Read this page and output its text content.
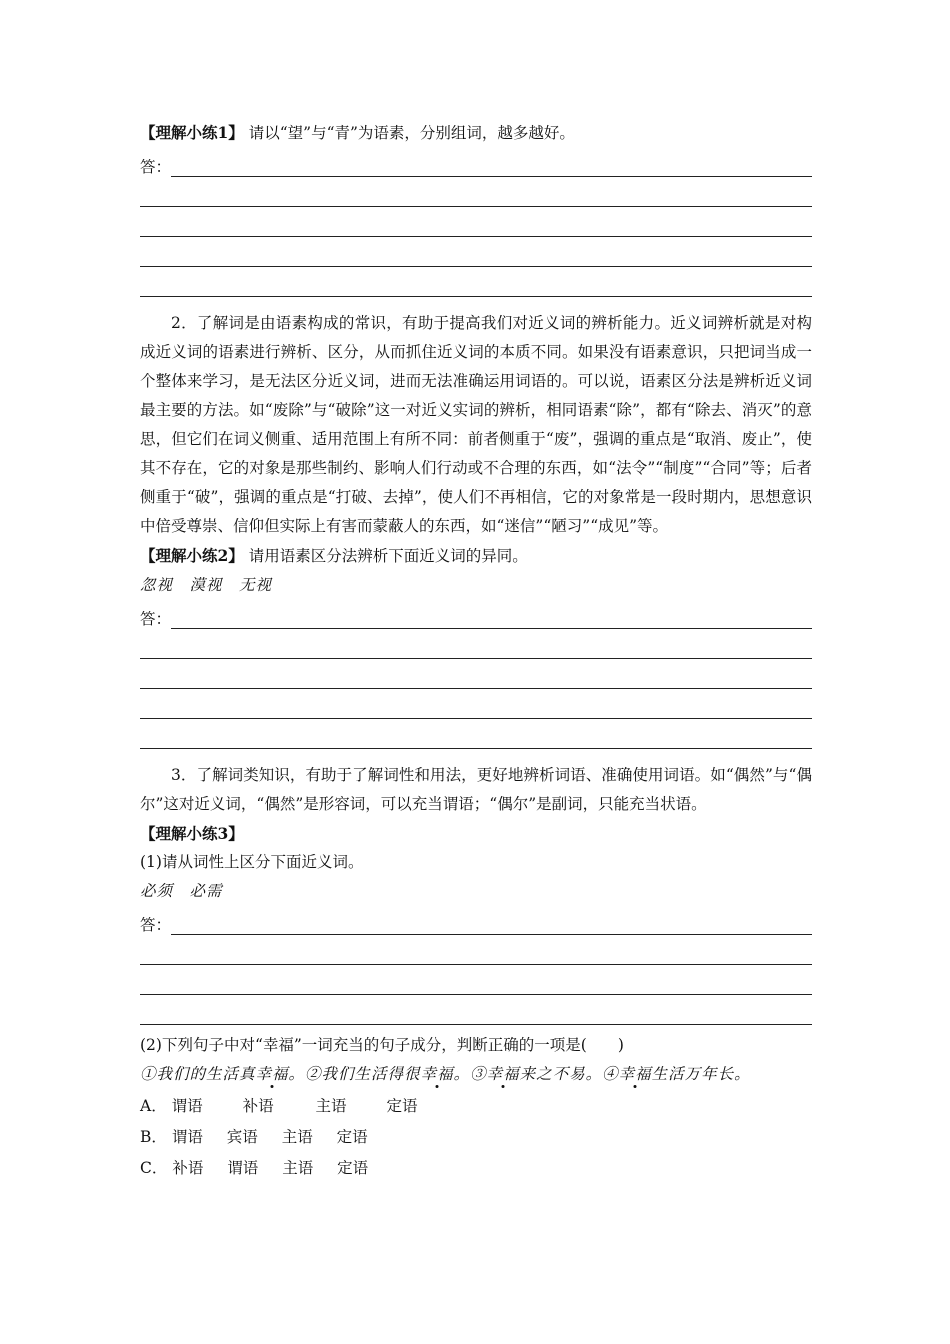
【理解小练1】 请以“望”与“青”为语素，分别组词，越多越好。

答：

2．了解词是由语素构成的常识，有助于提高我们对近义词的辨析能力。近义词辨析就是对构成近义词的语素进行辨析、区分，从而抓住近义词的本质不同。如果没有语素意识，只把词当成一个整体来学习，是无法区分近义词，进而无法准确运用词语的。可以说，语素区分法是辨析近义词最主要的方法。如“废除”与“破除”这一对近义实词的辨析，相同语素“除”，都有“除去、消灭”的意思，但它们在词义侧重、适用范围上有所不同：前者侧重于“废”，强调的重点是“取消、废止”，使其不存在，它的对象是那些制约、影响人们行动或不合理的东西，如“法令”“制度”“合同”等；后者侧重于“破”，强调的重点是“打破、去掉”，使人们不再相信，它的对象常是一段时期内，思想意识中倍受尊崇、信仰但实际上有害而蒙蔽人的东西，如“迷信”“陋习”“成见”等。

【理解小练2】 请用语素区分法辨析下面近义词的异同。

忽视　漠视　无视

答：

3．了解词类知识，有助于了解词性和用法，更好地辨析词语、准确使用词语。如“偶然”与“偶尔”这对近义词，“偶然”是形容词，可以充当谓语；“偶尔”是副词，只能充当状语。

【理解小练3】

(1)请从词性上区分下面近义词。

必须　必需

答：

(2)下列句子中对“幸福”一词充当的句子成分，判断正确的一项是(　　)

①我们的生活真幸福。②我们生活得很幸福。③幸福来之不易。④幸福生活万年长。

A． 谓语	补语	主语	定语

B． 谓语 宾语 主语 定语

C． 补语 谓语 主语 定语
